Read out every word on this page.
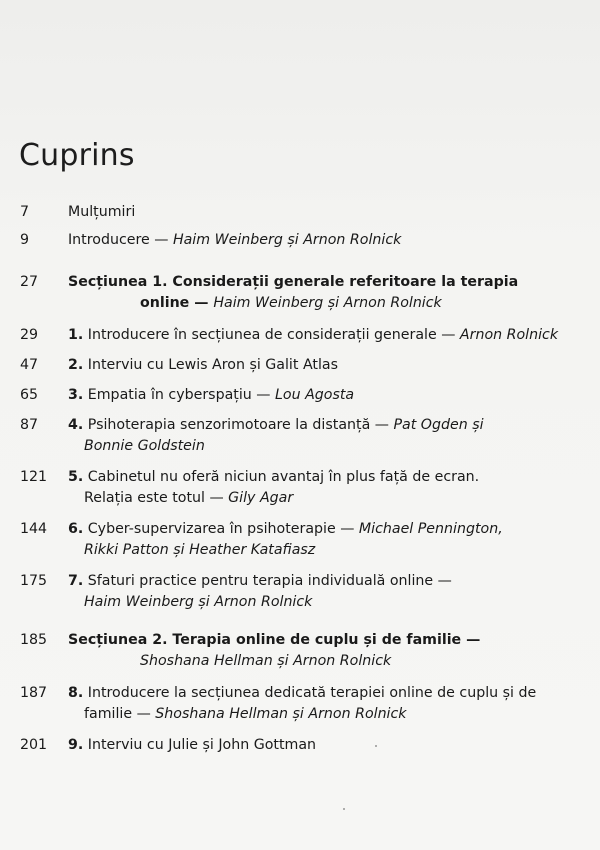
Cuprins
7	Mulțumiri
9	Introducere — Haim Weinberg și Arnon Rolnick
27	Secțiunea 1. Considerații generale referitoare la terapia
online — Haim Weinberg și Arnon Rolnick
29	1. Introducere în secțiunea de considerații generale — Arnon Rolnick
47	2. Interviu cu Lewis Aron și Galit Atlas
65	3. Empatia în cyberspațiu — Lou Agosta
87	4. Psihoterapia senzorimotoare la distanță — Pat Ogden și
Bonnie Goldstein
121	5. Cabinetul nu oferă niciun avantaj în plus față de ecran.
Relația este totul — Gily Agar
144	6. Cyber-supervizarea în psihoterapie — Michael Pennington,
Rikki Patton și Heather Katafiasz
175	7. Sfaturi practice pentru terapia individuală online —
Haim Weinberg și Arnon Rolnick
185	Secțiunea 2. Terapia online de cuplu și de familie —
Shoshana Hellman și Arnon Rolnick
187	8. Introducere la secțiunea dedicată terapiei online de cuplu și de
familie — Shoshana Hellman și Arnon Rolnick
201	9. Interviu cu Julie și John Gottman
